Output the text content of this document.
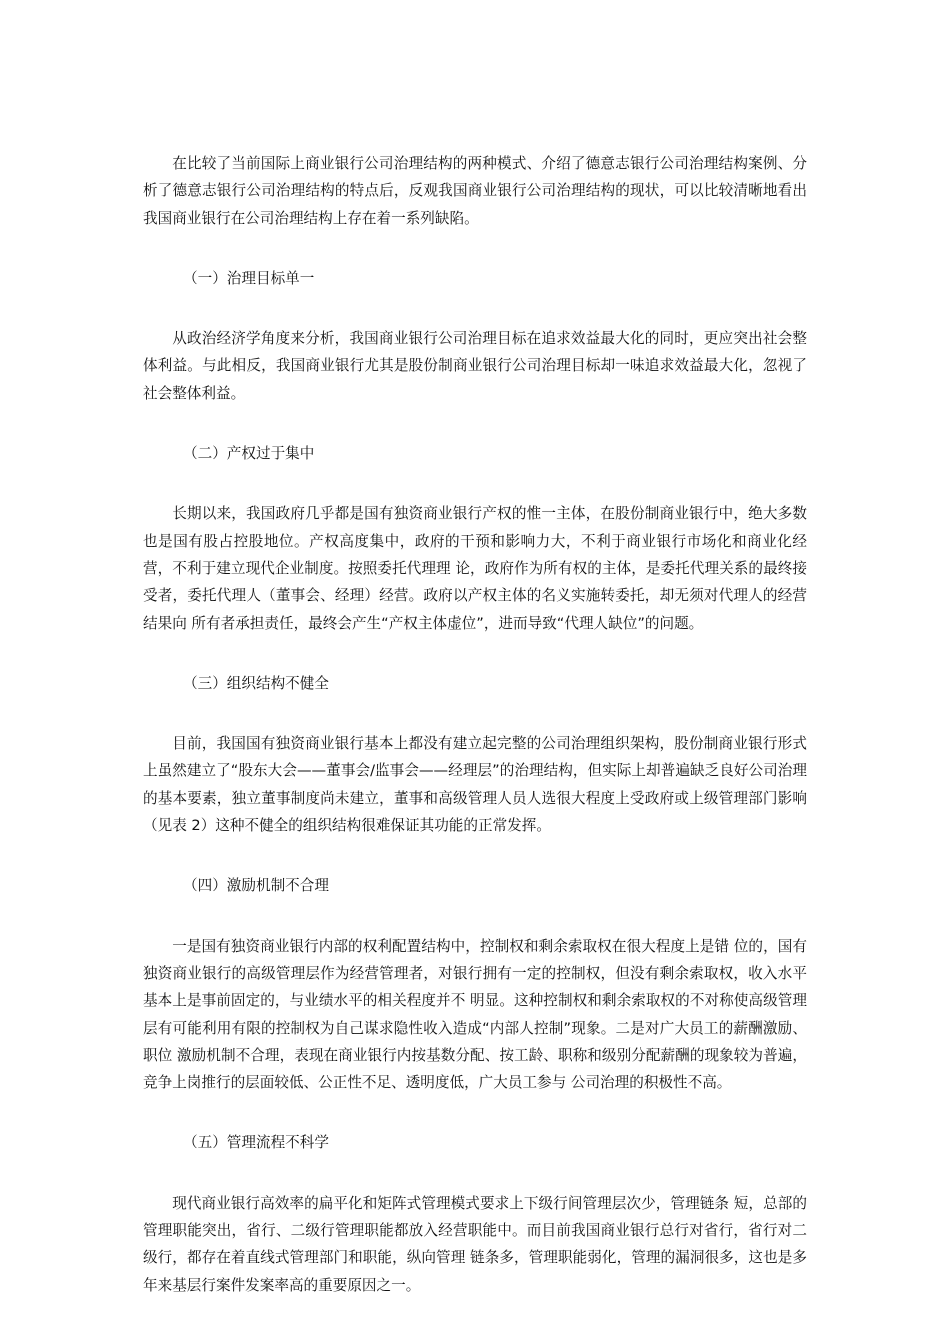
在比较了当前国际上商业银行公司治理结构的两种模式、介绍了德意志银行公司治理结构案例、分析了德意志银行公司治理结构的特点后，反观我国商业银行公司治理结构的现状，可以比较清晰地看出我国商业银行在公司治理结构上存在着一系列缺陷。

（一）治理目标单一

从政治经济学角度来分析，我国商业银行公司治理目标在追求效益最大化的同时，更应突出社会整体利益。与此相反，我国商业银行尤其是股份制商业银行公司治理目标却一味追求效益最大化，忽视了社会整体利益。

（二）产权过于集中

长期以来，我国政府几乎都是国有独资商业银行产权的惟一主体，在股份制商业银行中，绝大多数也是国有股占控股地位。产权高度集中，政府的干预和影响力大，不利于商业银行市场化和商业化经营，不利于建立现代企业制度。按照委托代理理 论，政府作为所有权的主体，是委托代理关系的最终接受者，委托代理人（董事会、经理）经营。政府以产权主体的名义实施转委托，却无须对代理人的经营结果向 所有者承担责任，最终会产生“产权主体虚位”，进而导致“代理人缺位”的问题。

（三）组织结构不健全

目前，我国国有独资商业银行基本上都没有建立起完整的公司治理组织架构，股份制商业银行形式上虽然建立了“股东大会——董事会/监事会——经理层”的治理结构，但实际上却普遍缺乏良好公司治理的基本要素，独立董事制度尚未建立，董事和高级管理人员人选很大程度上受政府或上级管理部门影响（见表 2）这种不健全的组织结构很难保证其功能的正常发挥。

（四）激励机制不合理

一是国有独资商业银行内部的权利配置结构中，控制权和剩余索取权在很大程度上是错 位的，国有独资商业银行的高级管理层作为经营管理者，对银行拥有一定的控制权，但没有剩余索取权，收入水平基本上是事前固定的，与业绩水平的相关程度并不 明显。这种控制权和剩余索取权的不对称使高级管理层有可能利用有限的控制权为自己谋求隐性收入造成“内部人控制”现象。二是对广大员工的薪酬激励、职位 激励机制不合理，表现在商业银行内按基数分配、按工龄、职称和级别分配薪酬的现象较为普遍，竞争上岗推行的层面较低、公正性不足、透明度低，广大员工参与 公司治理的积极性不高。

（五）管理流程不科学

现代商业银行高效率的扁平化和矩阵式管理模式要求上下级行间管理层次少，管理链条 短，总部的管理职能突出，省行、二级行管理职能都放入经营职能中。而目前我国商业银行总行对省行，省行对二级行，都存在着直线式管理部门和职能，纵向管理 链条多，管理职能弱化，管理的漏洞很多，这也是多年来基层行案件发案率高的重要原因之一。
